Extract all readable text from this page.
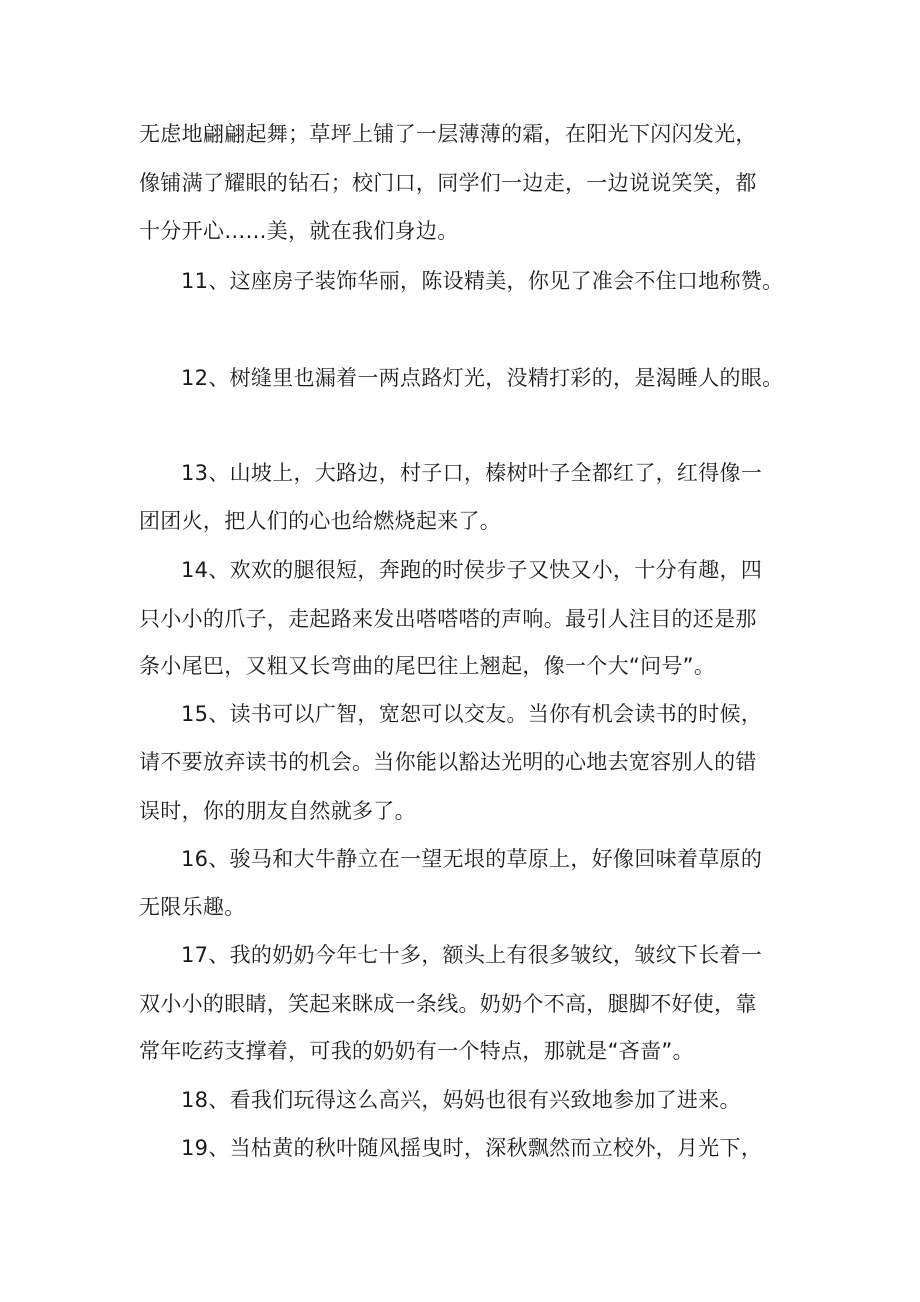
无虑地翩翩起舞；草坪上铺了一层薄薄的霜，在阳光下闪闪发光，
像铺满了耀眼的钻石；校门口，同学们一边走，一边说说笑笑，都
十分开心……美，就在我们身边。
11、这座房子装饰华丽，陈设精美，你见了准会不住口地称赞。
12、树缝里也漏着一两点路灯光，没精打彩的，是渴睡人的眼。
13、山坡上，大路边，村子口，榛树叶子全都红了，红得像一
团团火，把人们的心也给燃烧起来了。
14、欢欢的腿很短，奔跑的时侯步子又快又小，十分有趣，四
只小小的爪子，走起路来发出嗒嗒嗒的声响。最引人注目的还是那
条小尾巴，又粗又长弯曲的尾巴往上翘起，像一个大“问号”。
15、读书可以广智，宽恕可以交友。当你有机会读书的时候，
请不要放弃读书的机会。当你能以豁达光明的心地去宽容别人的错
误时，你的朋友自然就多了。
16、骏马和大牛静立在一望无垠的草原上，好像回味着草原的
无限乐趣。
17、我的奶奶今年七十多，额头上有很多皱纹，皱纹下长着一
双小小的眼睛，笑起来眯成一条线。奶奶个不高，腿脚不好使，靠
常年吃药支撑着，可我的奶奶有一个特点，那就是“吝啬”。
18、看我们玩得这么高兴，妈妈也很有兴致地参加了进来。
19、当枯黄的秋叶随风摇曳时，深秋飘然而立校外，月光下，
